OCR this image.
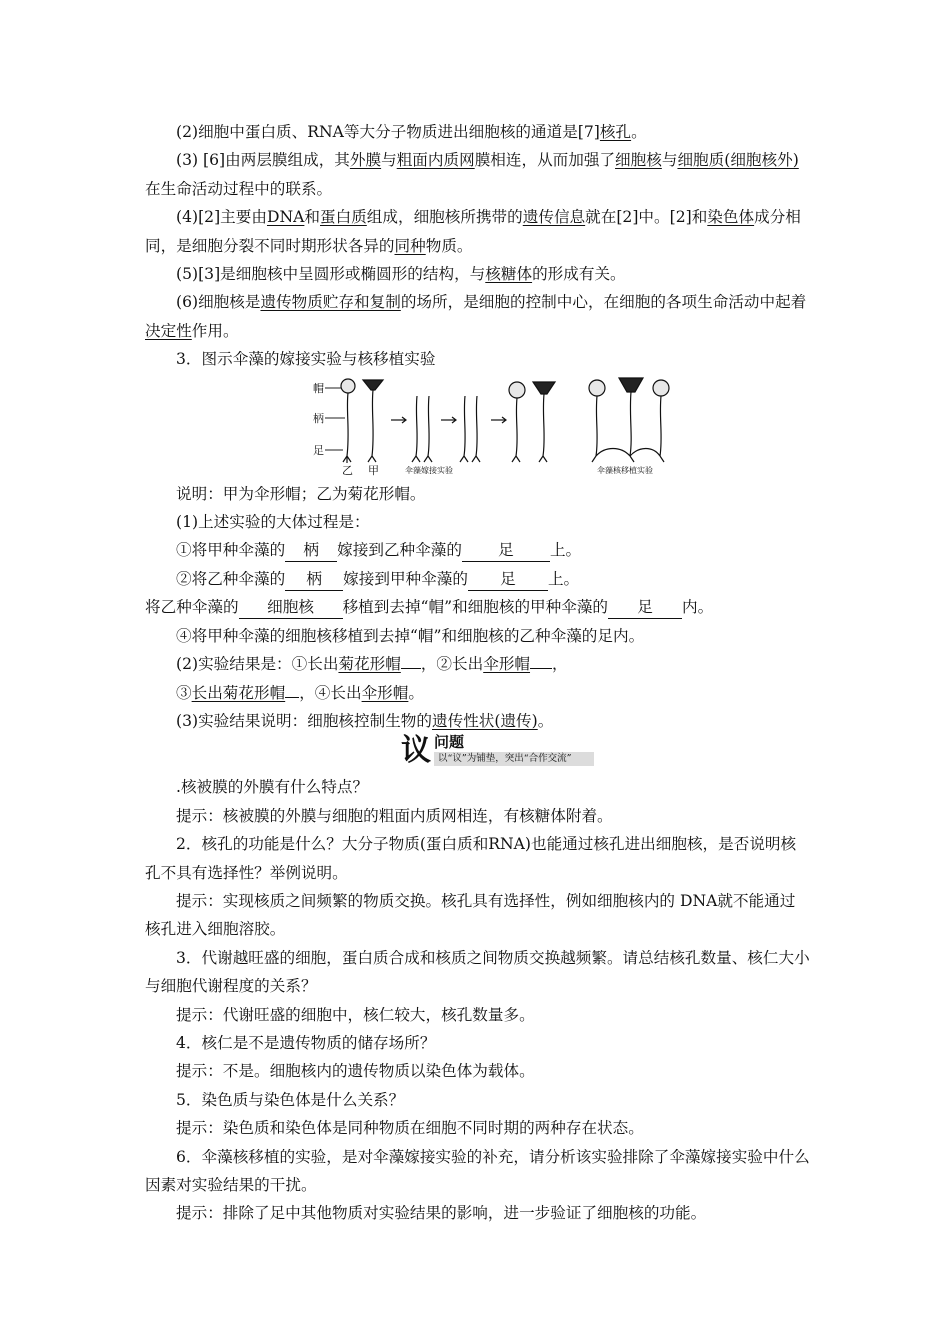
(2)细胞中蛋白质、RNA等大分子物质进出细胞核的通道是[7]核孔。

(3) [6]由两层膜组成，其外膜与粗面内质网膜相连，从而加强了细胞核与细胞质(细胞核外)在生命活动过程中的联系。

(4)[2]主要由DNA和蛋白质组成，细胞核所携带的遗传信息就在[2]中。[2]和染色体成分相同，是细胞分裂不同时期形状各异的同种物质。

(5)[3]是细胞核中呈圆形或椭圆形的结构，与核糖体的形成有关。

(6)细胞核是遗传物质贮存和复制的场所，是细胞的控制中心，在细胞的各项生命活动中起着决定性作用。

3．图示伞藻的嫁接实验与核移植实验

帽
柄
足
乙 甲	伞藻嫁接实验	伞藻核移植实验

说明：甲为伞形帽；乙为菊花形帽。

(1)上述实验的大体过程是：

①将甲种伞藻的 柄 嫁接到乙种伞藻的 足 上。

②将乙种伞藻的 柄 嫁接到甲种伞藻的 足 上。

将乙种伞藻的 细胞核 移植到去掉“帽”和细胞核的甲种伞藻的 足 内。

④将甲种伞藻的细胞核移植到去掉“帽”和细胞核的乙种伞藻的足内。

(2)实验结果是：①长出菊花形帽 ，②长出伞形帽 ，

③长出菊花形帽 ，④长出伞形帽。

(3)实验结果说明：细胞核控制生物的遗传性状(遗传)。

议 问题
以“议”为铺垫，突出“合作交流”

.核被膜的外膜有什么特点？

提示：核被膜的外膜与细胞的粗面内质网相连，有核糖体附着。

2．核孔的功能是什么？大分子物质(蛋白质和RNA)也能通过核孔进出细胞核，是否说明核孔不具有选择性？举例说明。

提示：实现核质之间频繁的物质交换。核孔具有选择性，例如细胞核内的 DNA就不能通过核孔进入细胞溶胶。

3．代谢越旺盛的细胞，蛋白质合成和核质之间物质交换越频繁。请总结核孔数量、核仁大小与细胞代谢程度的关系？

提示：代谢旺盛的细胞中，核仁较大，核孔数量多。

4．核仁是不是遗传物质的储存场所？

提示：不是。细胞核内的遗传物质以染色体为载体。

5．染色质与染色体是什么关系？

提示：染色质和染色体是同种物质在细胞不同时期的两种存在状态。

6．伞藻核移植的实验，是对伞藻嫁接实验的补充，请分析该实验排除了伞藻嫁接实验中什么因素对实验结果的干扰。

提示：排除了足中其他物质对实验结果的影响，进一步验证了细胞核的功能。
